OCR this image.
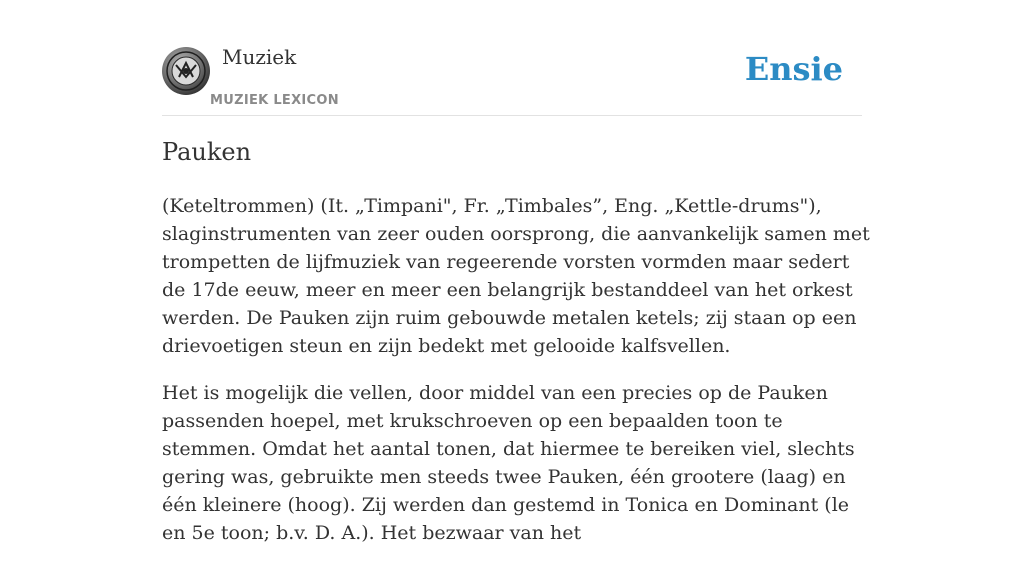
Muziek
MUZIEK LEXICON
Ensie
Pauken

(Keteltrommen) (It. „Timpani", Fr. „Timbales”, Eng. „Kettle-drums"), slaginstrumenten van zeer ouden oorsprong, die aanvankelijk samen met trompetten de lijfmuziek van regeerende vorsten vormden maar sedert de 17de eeuw, meer en meer een belangrijk bestanddeel van het orkest werden. De Pauken zijn ruim gebouwde metalen ketels; zij staan op een drievoetigen steun en zijn bedekt met gelooide kalfsvellen.

Het is mogelijk die vellen, door middel van een precies op de Pauken passenden hoepel, met krukschroeven op een bepaalden toon te stemmen. Omdat het aantal tonen, dat hiermee te bereiken viel, slechts gering was, gebruikte men steeds twee Pauken, één grootere (laag) en één kleinere (hoog). Zij werden dan gestemd in Tonica en Dominant (le en 5e toon; b.v. D. A.). Het bezwaar van het
